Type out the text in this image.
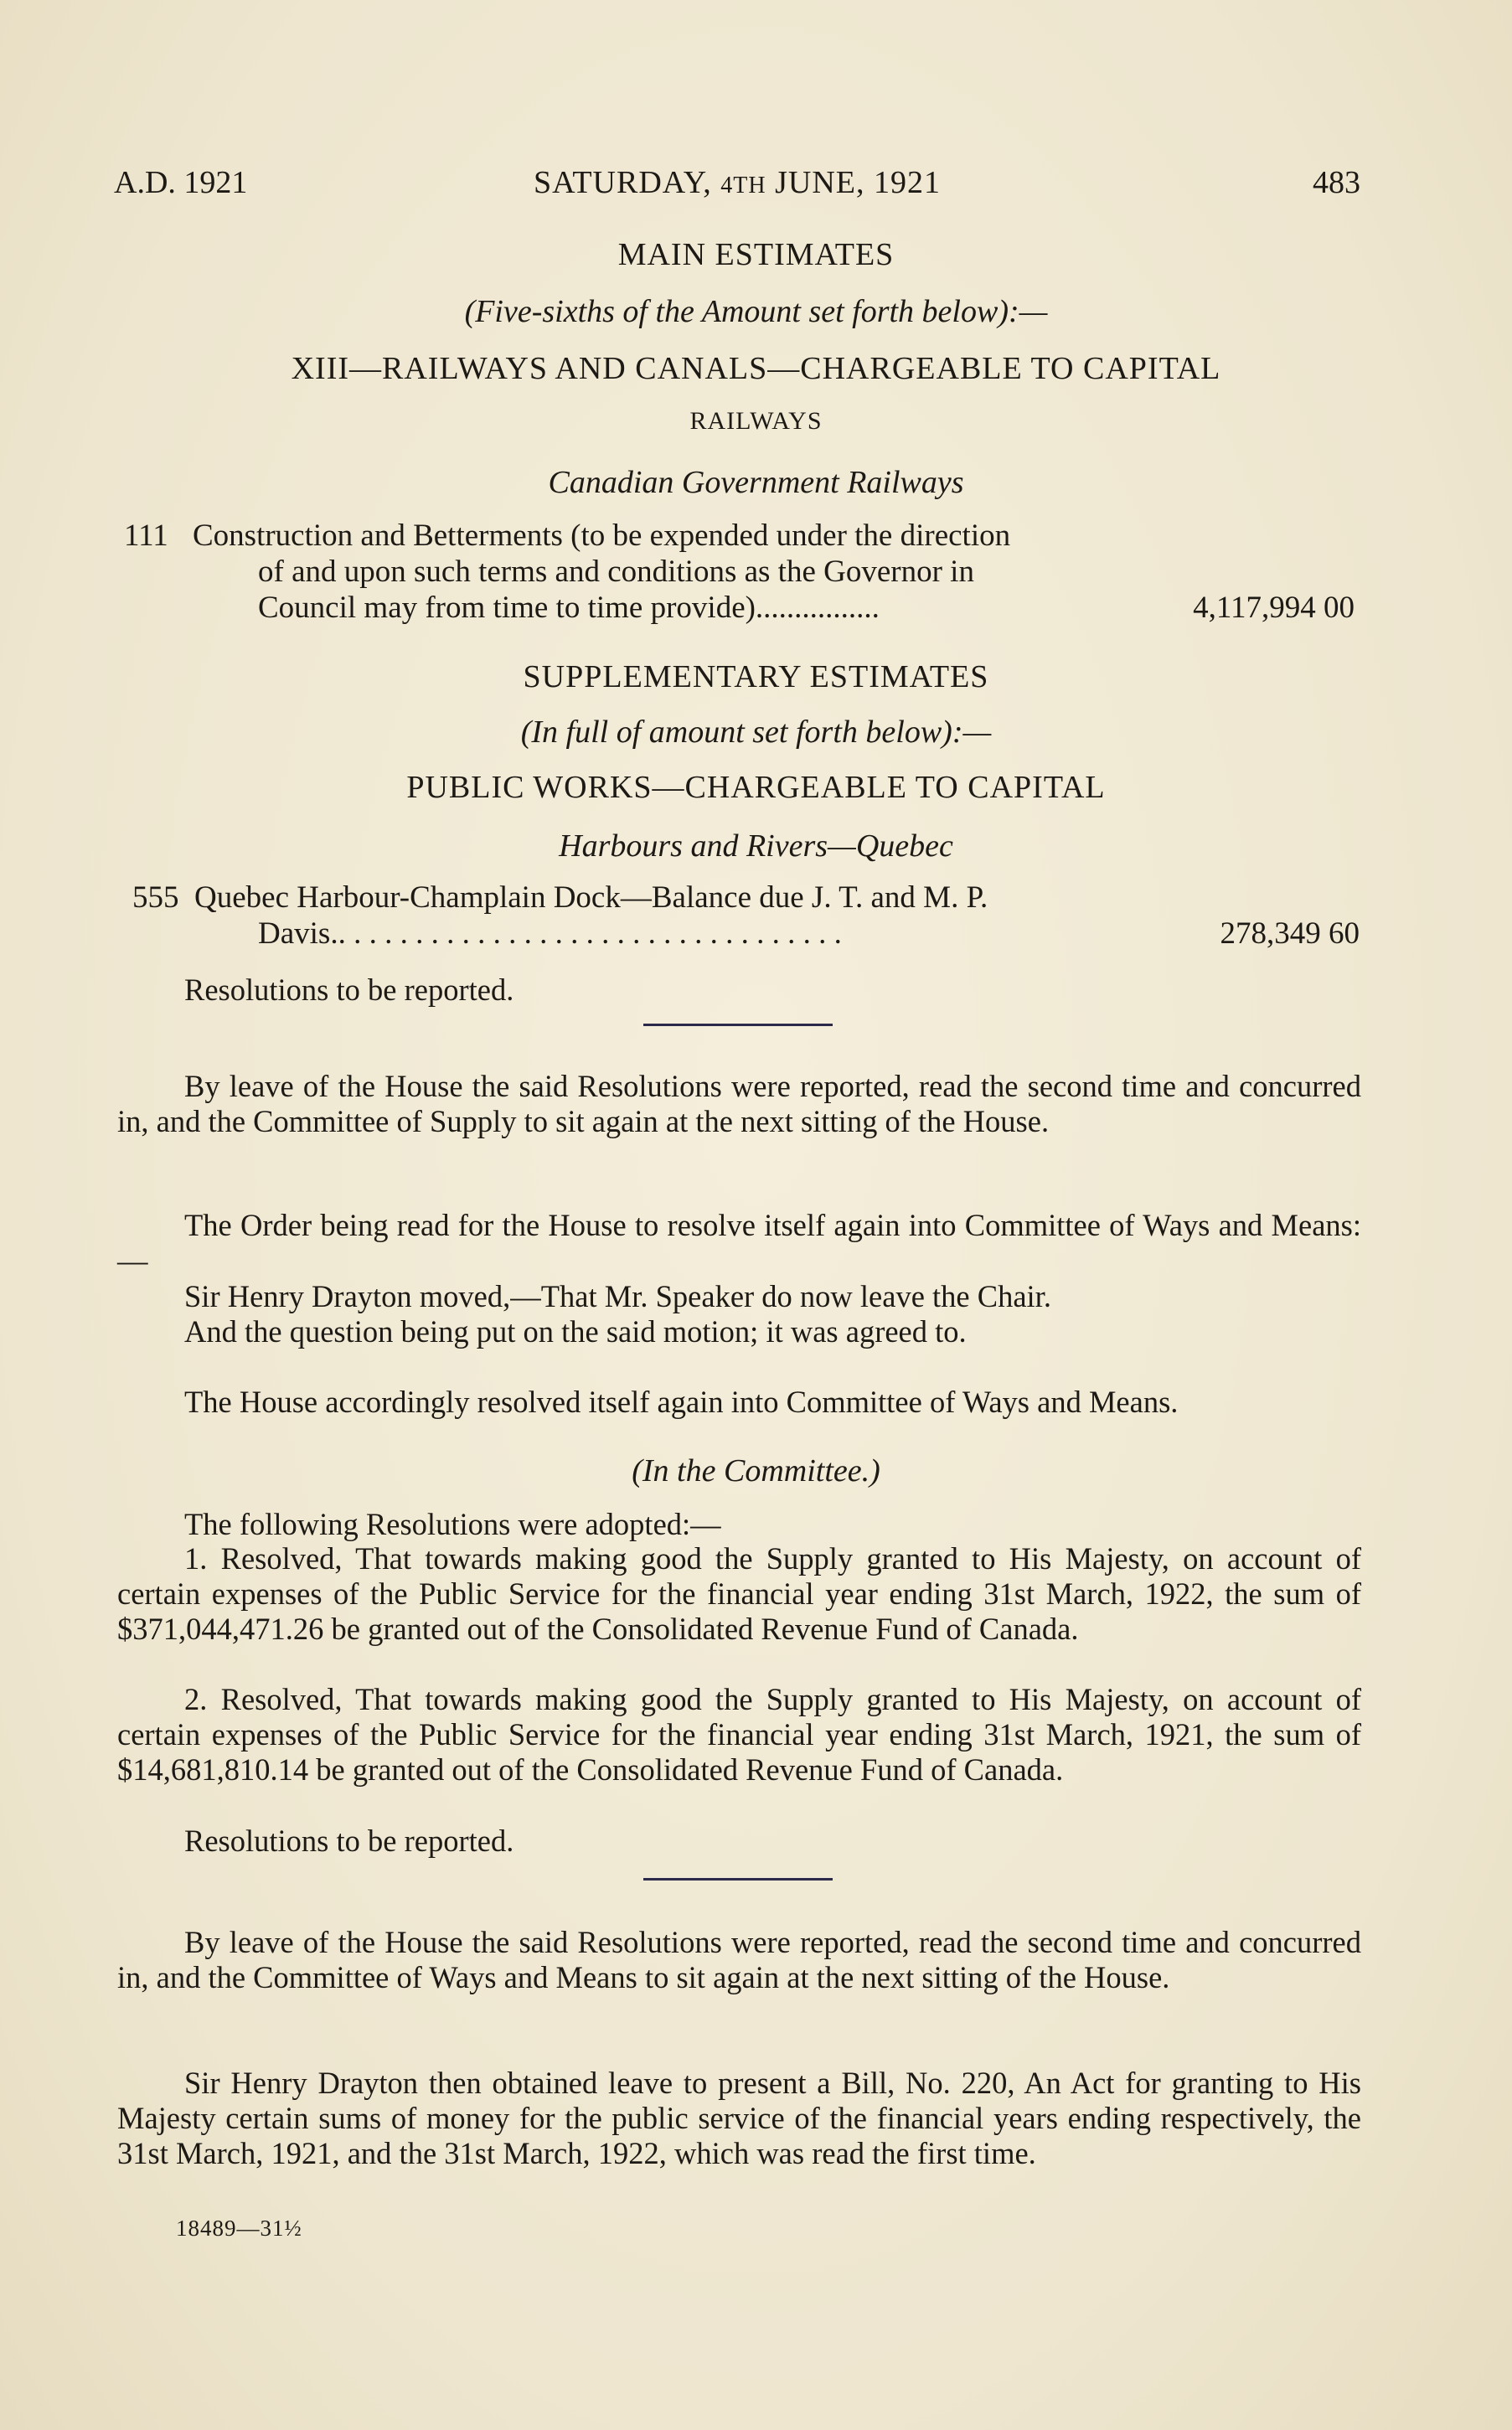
A.D. 1921	SATURDAY, 4TH JUNE, 1921	483
MAIN ESTIMATES
(Five-sixths of the Amount set forth below):—
XIII—RAILWAYS AND CANALS—CHARGEABLE TO CAPITAL
RAILWAYS
Canadian Government Railways
111 Construction and Betterments (to be expended under the direction
of and upon such terms and conditions as the Governor in
Council may from time to time provide)................	4,117,994 00
SUPPLEMENTARY ESTIMATES
(In full of amount set forth below):—
PUBLIC WORKS—CHARGEABLE TO CAPITAL
Harbours and Rivers—Quebec
555 Quebec Harbour-Champlain Dock—Balance due J. T. and M. P.
Davis.. . . . . . . . . . . . . . . . . . . . . . . . . . . . . . . . .	278,349 60
Resolutions to be reported.
By leave of the House the said Resolutions were reported, read the second time and concurred in, and the Committee of Supply to sit again at the next sitting of the House.
The Order being read for the House to resolve itself again into Committee of Ways and Means:—
Sir Henry Drayton moved,—That Mr. Speaker do now leave the Chair.
And the question being put on the said motion; it was agreed to.
The House accordingly resolved itself again into Committee of Ways and Means.
(In the Committee.)
The following Resolutions were adopted:—
1. Resolved, That towards making good the Supply granted to His Majesty, on account of certain expenses of the Public Service for the financial year ending 31st March, 1922, the sum of $371,044,471.26 be granted out of the Consolidated Revenue Fund of Canada.
2. Resolved, That towards making good the Supply granted to His Majesty, on account of certain expenses of the Public Service for the financial year ending 31st March, 1921, the sum of $14,681,810.14 be granted out of the Consolidated Revenue Fund of Canada.
Resolutions to be reported.
By leave of the House the said Resolutions were reported, read the second time and concurred in, and the Committee of Ways and Means to sit again at the next sitting of the House.
Sir Henry Drayton then obtained leave to present a Bill, No. 220, An Act for granting to His Majesty certain sums of money for the public service of the financial years ending respectively, the 31st March, 1921, and the 31st March, 1922, which was read the first time.
18489—31½
